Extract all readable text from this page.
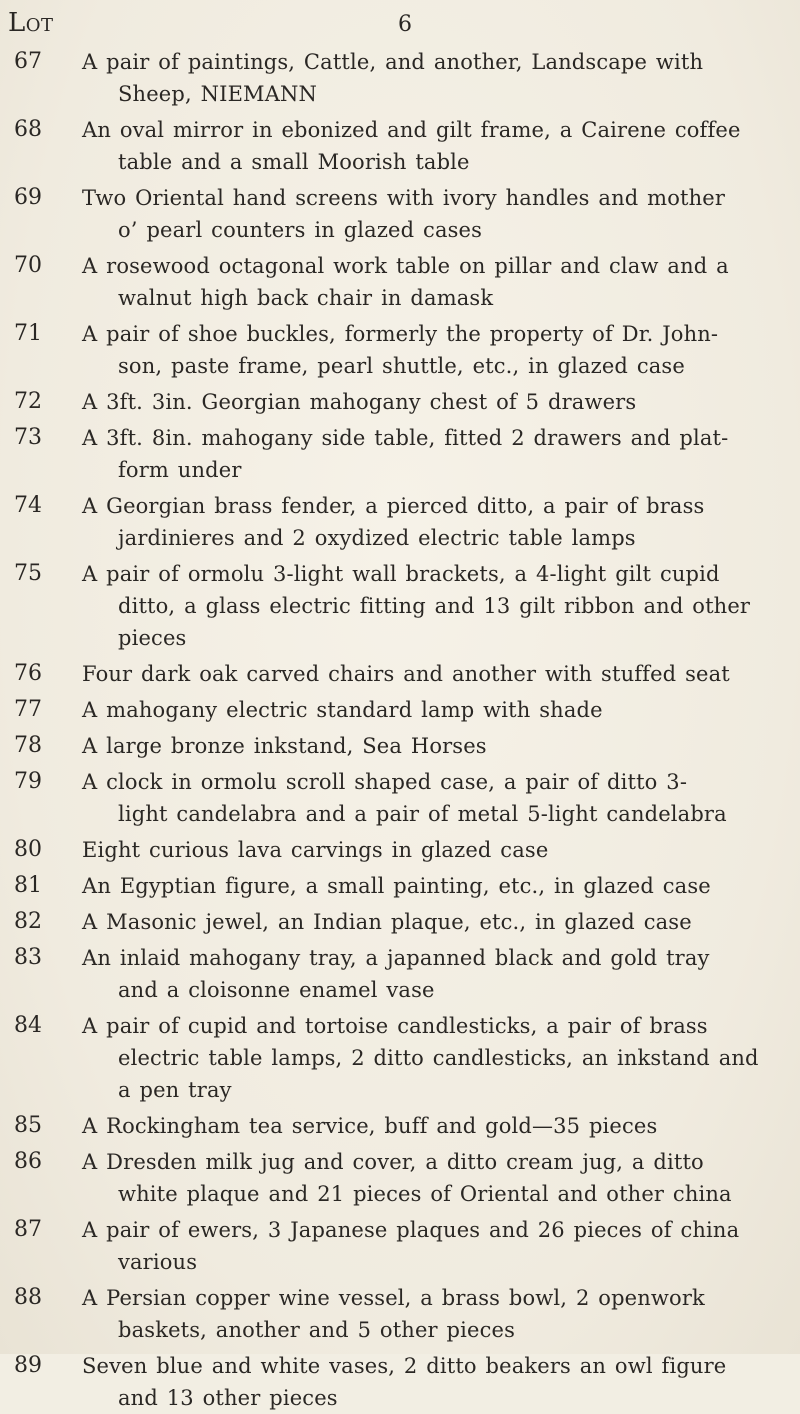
Lot	6
67	A pair of paintings, Cattle, and another, Landscape with
Sheep, NIEMANN
68	An oval mirror in ebonized and gilt frame, a Cairene coffee
table and a small Moorish table
69	Two Oriental hand screens with ivory handles and mother
o’ pearl counters in glazed cases
70	A rosewood octagonal work table on pillar and claw and a
walnut high back chair in damask
71	A pair of shoe buckles, formerly the property of Dr. John-
son, paste frame, pearl shuttle, etc., in glazed case
72	A 3ft. 3in. Georgian mahogany chest of 5 drawers
73	A 3ft. 8in. mahogany side table, fitted 2 drawers and plat-
form under
74	A Georgian brass fender, a pierced ditto, a pair of brass
jardinieres and 2 oxydized electric table lamps
75	A pair of ormolu 3-light wall brackets, a 4-light gilt cupid
ditto, a glass electric fitting and 13 gilt ribbon and other
pieces
76	Four dark oak carved chairs and another with stuffed seat
77	A mahogany electric standard lamp with shade
78	A large bronze inkstand, Sea Horses
79	A clock in ormolu scroll shaped case, a pair of ditto 3-
light candelabra and a pair of metal 5-light candelabra
80	Eight curious lava carvings in glazed case
81	An Egyptian figure, a small painting, etc., in glazed case
82	A Masonic jewel, an Indian plaque, etc., in glazed case
83	An inlaid mahogany tray, a japanned black and gold tray
and a cloisonne enamel vase
84	A pair of cupid and tortoise candlesticks, a pair of brass
electric table lamps, 2 ditto candlesticks, an inkstand and
a pen tray
85	A Rockingham tea service, buff and gold—35 pieces
86	A Dresden milk jug and cover, a ditto cream jug, a ditto
white plaque and 21 pieces of Oriental and other china
87	A pair of ewers, 3 Japanese plaques and 26 pieces of china
various
88	A Persian copper wine vessel, a brass bowl, 2 openwork
baskets, another and 5 other pieces
89	Seven blue and white vases, 2 ditto beakers an owl figure
and 13 other pieces
